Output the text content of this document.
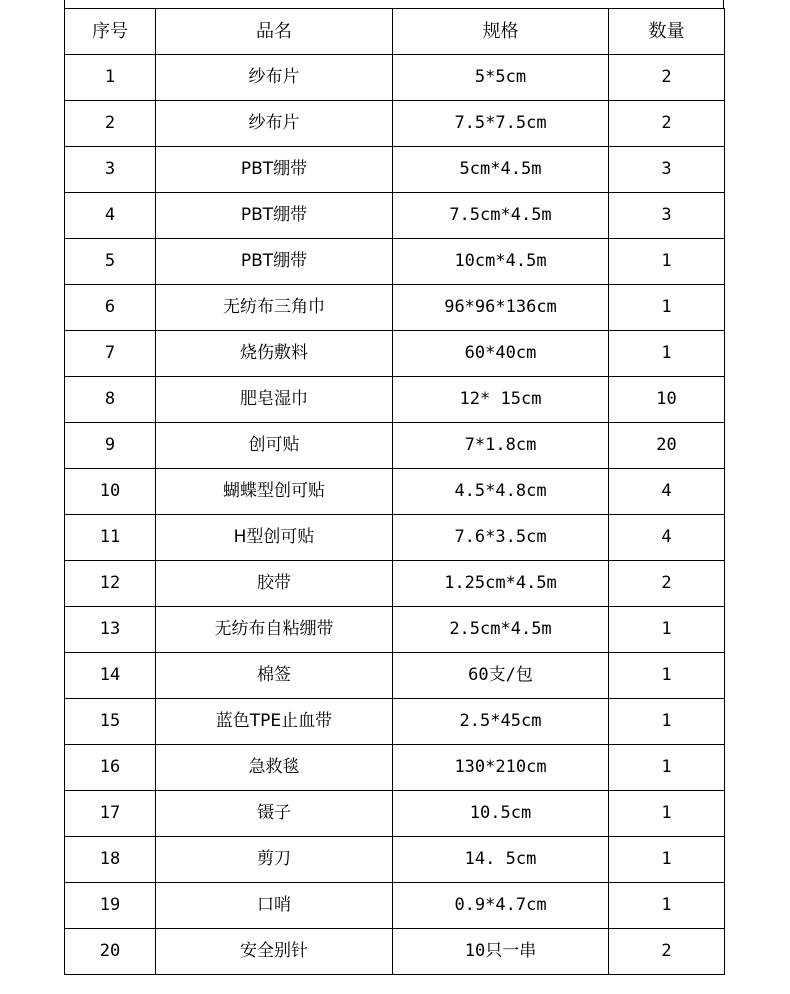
序号	品名	规格	数量
1	纱布片	5*5cm	2
2	纱布片	7.5*7.5cm	2
3	PBT绷带	5cm*4.5m	3
4	PBT绷带	7.5cm*4.5m	3
5	PBT绷带	10cm*4.5m	1
6	无纺布三角巾	96*96*136cm	1
7	烧伤敷料	60*40cm	1
8	肥皂湿巾	12* 15cm	10
9	创可贴	7*1.8cm	20
10	蝴蝶型创可贴	4.5*4.8cm	4
11	H型创可贴	7.6*3.5cm	4
12	胶带	1.25cm*4.5m	2
13	无纺布自粘绷带	2.5cm*4.5m	1
14	棉签	60支/包	1
15	蓝色TPE止血带	2.5*45cm	1
16	急救毯	130*210cm	1
17	镊子	10.5cm	1
18	剪刀	14. 5cm	1
19	口哨	0.9*4.7cm	1
20	安全别针	10只一串	2
